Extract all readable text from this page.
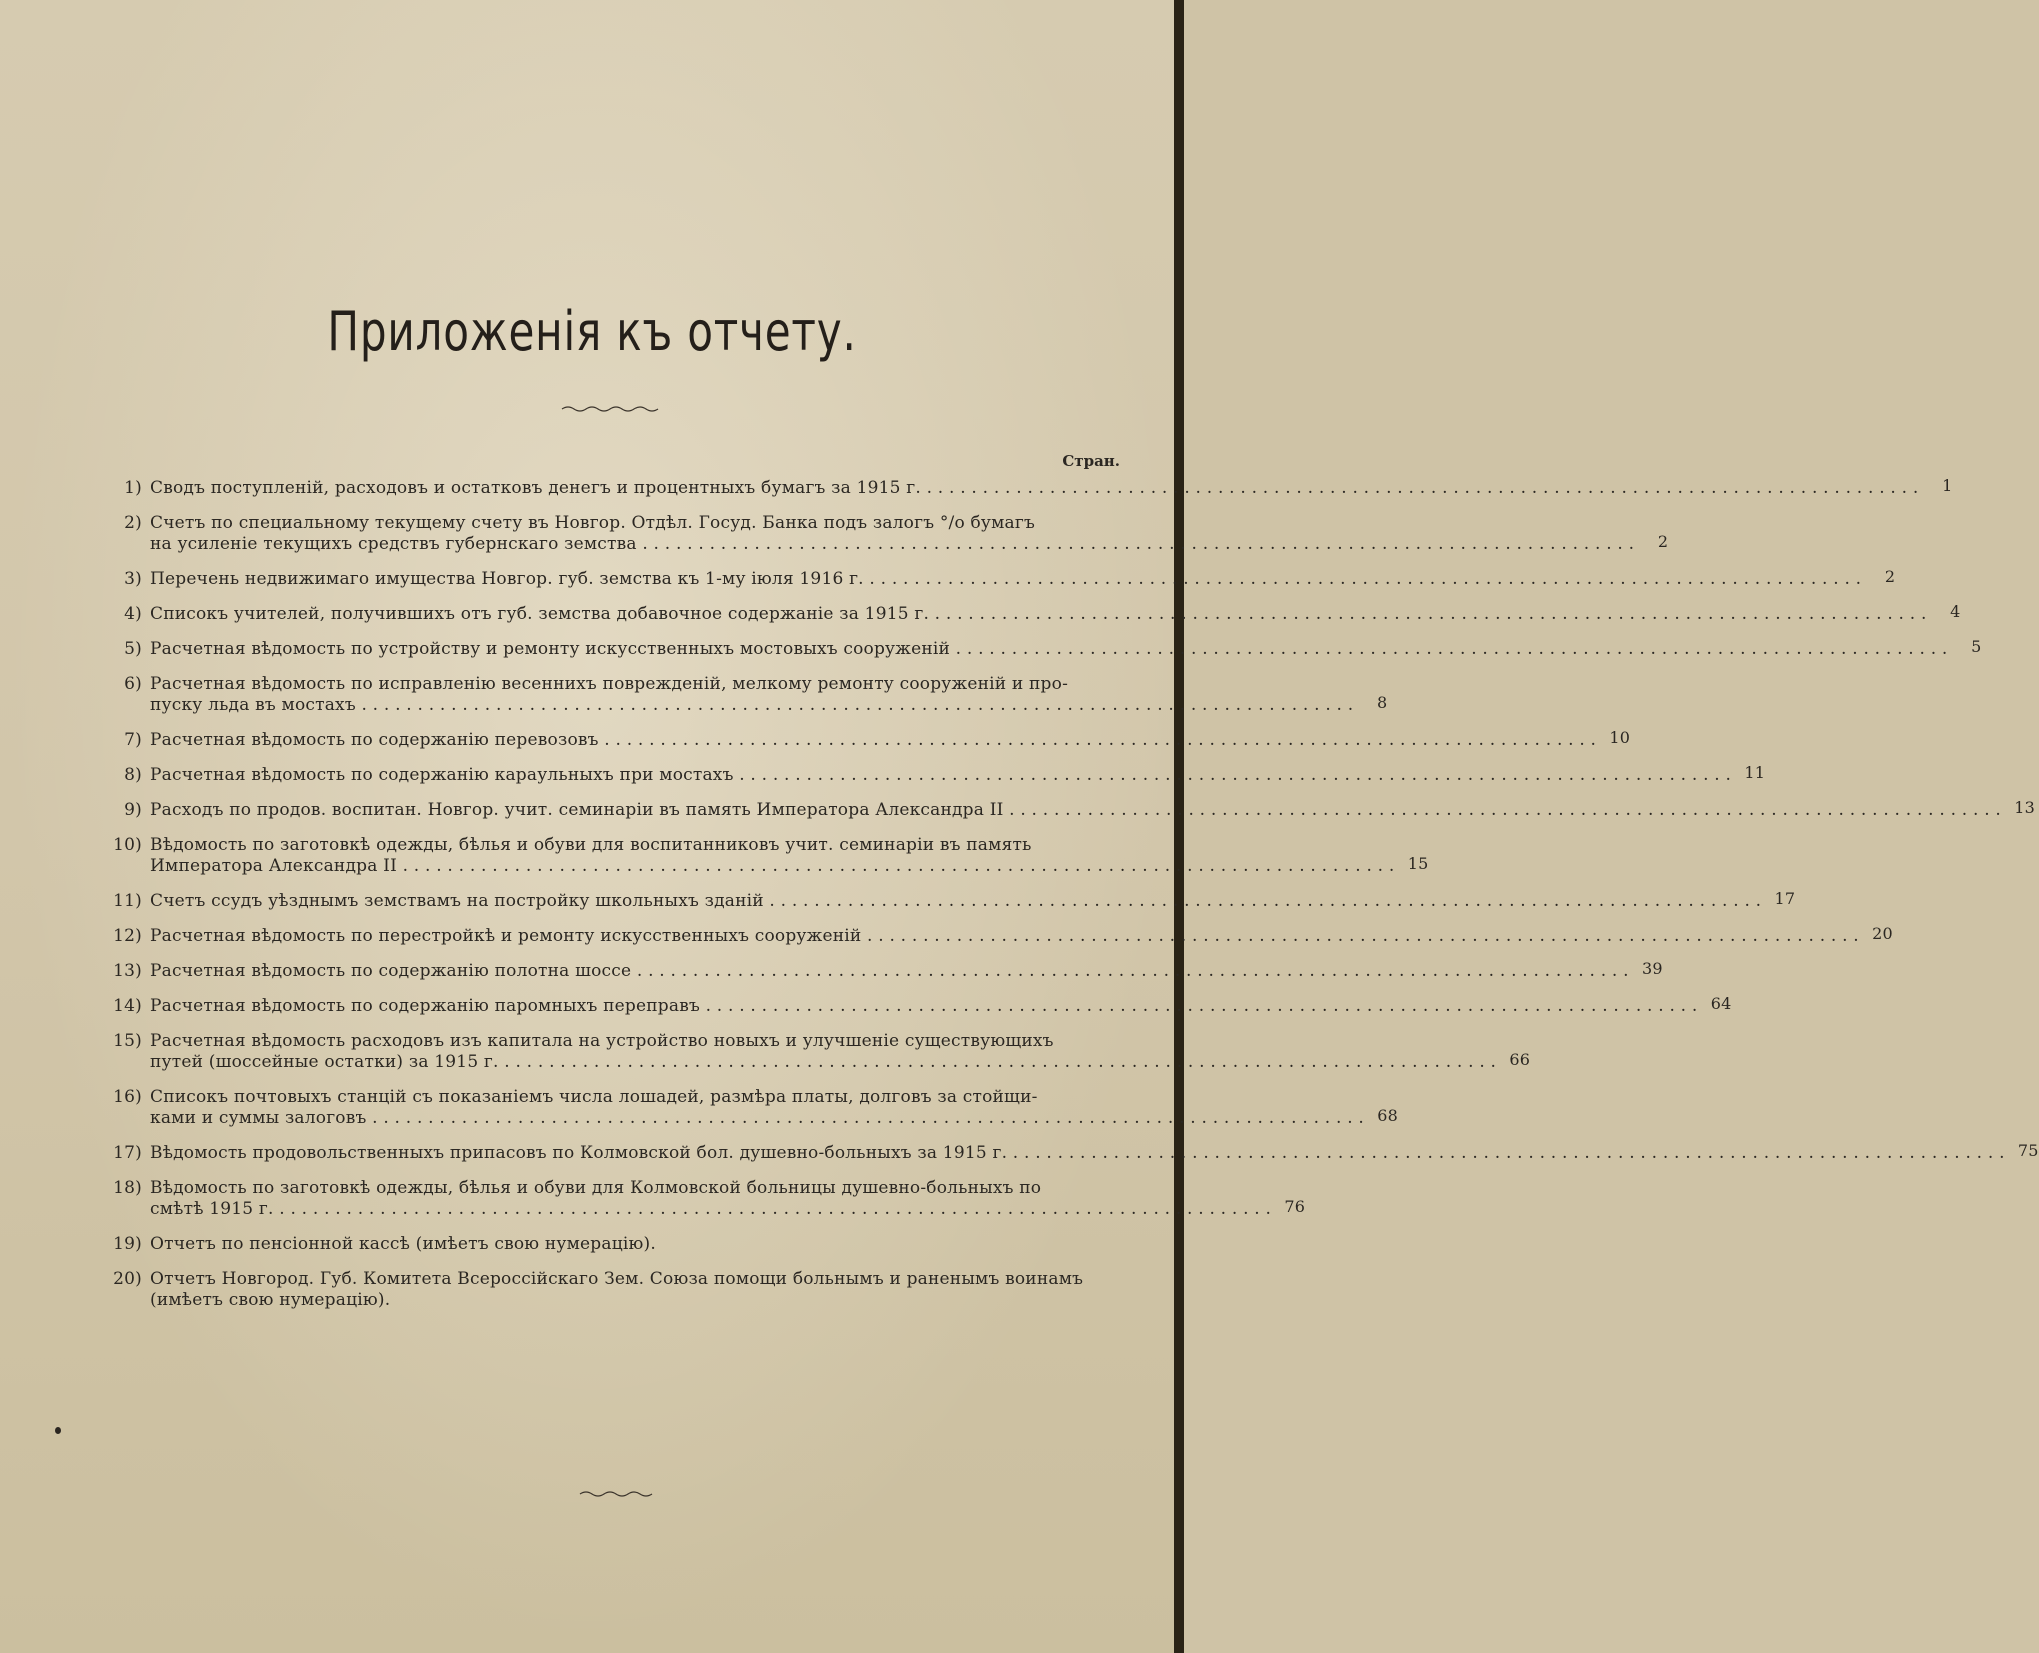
Приложенія къ отчету.
Стран.
1) Сводъ поступленій, расходовъ и остатковъ денегъ и процентныхъ бумагъ за 1915 г. . . .	1
2) Счетъ по специальному текущему счету въ Новгор. Отдѣл. Госуд. Банка подъ залогъ °/o бумагъ
на усиленіе текущихъ средствъ губернскаго земства . . .	2
3) Перечень недвижимаго имущества Новгор. губ. земства къ 1-му іюля 1916 г. . . .	2
4) Списокъ учителей, получившихъ отъ губ. земства добавочное содержаніе за 1915 г. . . .	4
5) Расчетная вѣдомость по устройству и ремонту искусственныхъ мостовыхъ сооруженій . . .	5
6) Расчетная вѣдомость по исправленію весеннихъ поврежденій, мелкому ремонту сооруженій и про-
пуску льда въ мостахъ . . .	8
7) Расчетная вѣдомость по содержанію перевозовъ . . .	10
8) Расчетная вѣдомость по содержанію караульныхъ при мостахъ . . .	11
9) Расходъ по продов. воспитан. Новгор. учит. семинаріи въ память Императора Александра II . . .	13
10) Вѣдомость по заготовкѣ одежды, бѣлья и обуви для воспитанниковъ учит. семинаріи въ память
Императора Александра II . . .	15
11) Счетъ ссудъ уѣзднымъ земствамъ на постройку школьныхъ зданій . . .	17
12) Расчетная вѣдомость по перестройкѣ и ремонту искусственныхъ сооруженій . . .	20
13) Расчетная вѣдомость по содержанію полотна шоссе . . .	39
14) Расчетная вѣдомость по содержанію паромныхъ переправъ . . .	64
15) Расчетная вѣдомость расходовъ изъ капитала на устройство новыхъ и улучшеніе существующихъ
путей (шоссейные остатки) за 1915 г. . . .	66
16) Списокъ почтовыхъ станцій съ показаніемъ числа лошадей, размѣра платы, долговъ за стойщи-
ками и суммы залоговъ . . .	68
17) Вѣдомость продовольственныхъ припасовъ по Колмовской бол. душевно-больныхъ за 1915 г. . . .	75
18) Вѣдомость по заготовкѣ одежды, бѣлья и обуви для Колмовской больницы душевно-больныхъ по
смѣтѣ 1915 г. . . .	76
19) Отчетъ по пенсіонной кассѣ (имѣетъ свою нумерацію).
20) Отчетъ Новгород. Губ. Комитета Всероссійскаго Зем. Союза помощи больнымъ и раненымъ воинамъ
(имѣетъ свою нумерацію).
